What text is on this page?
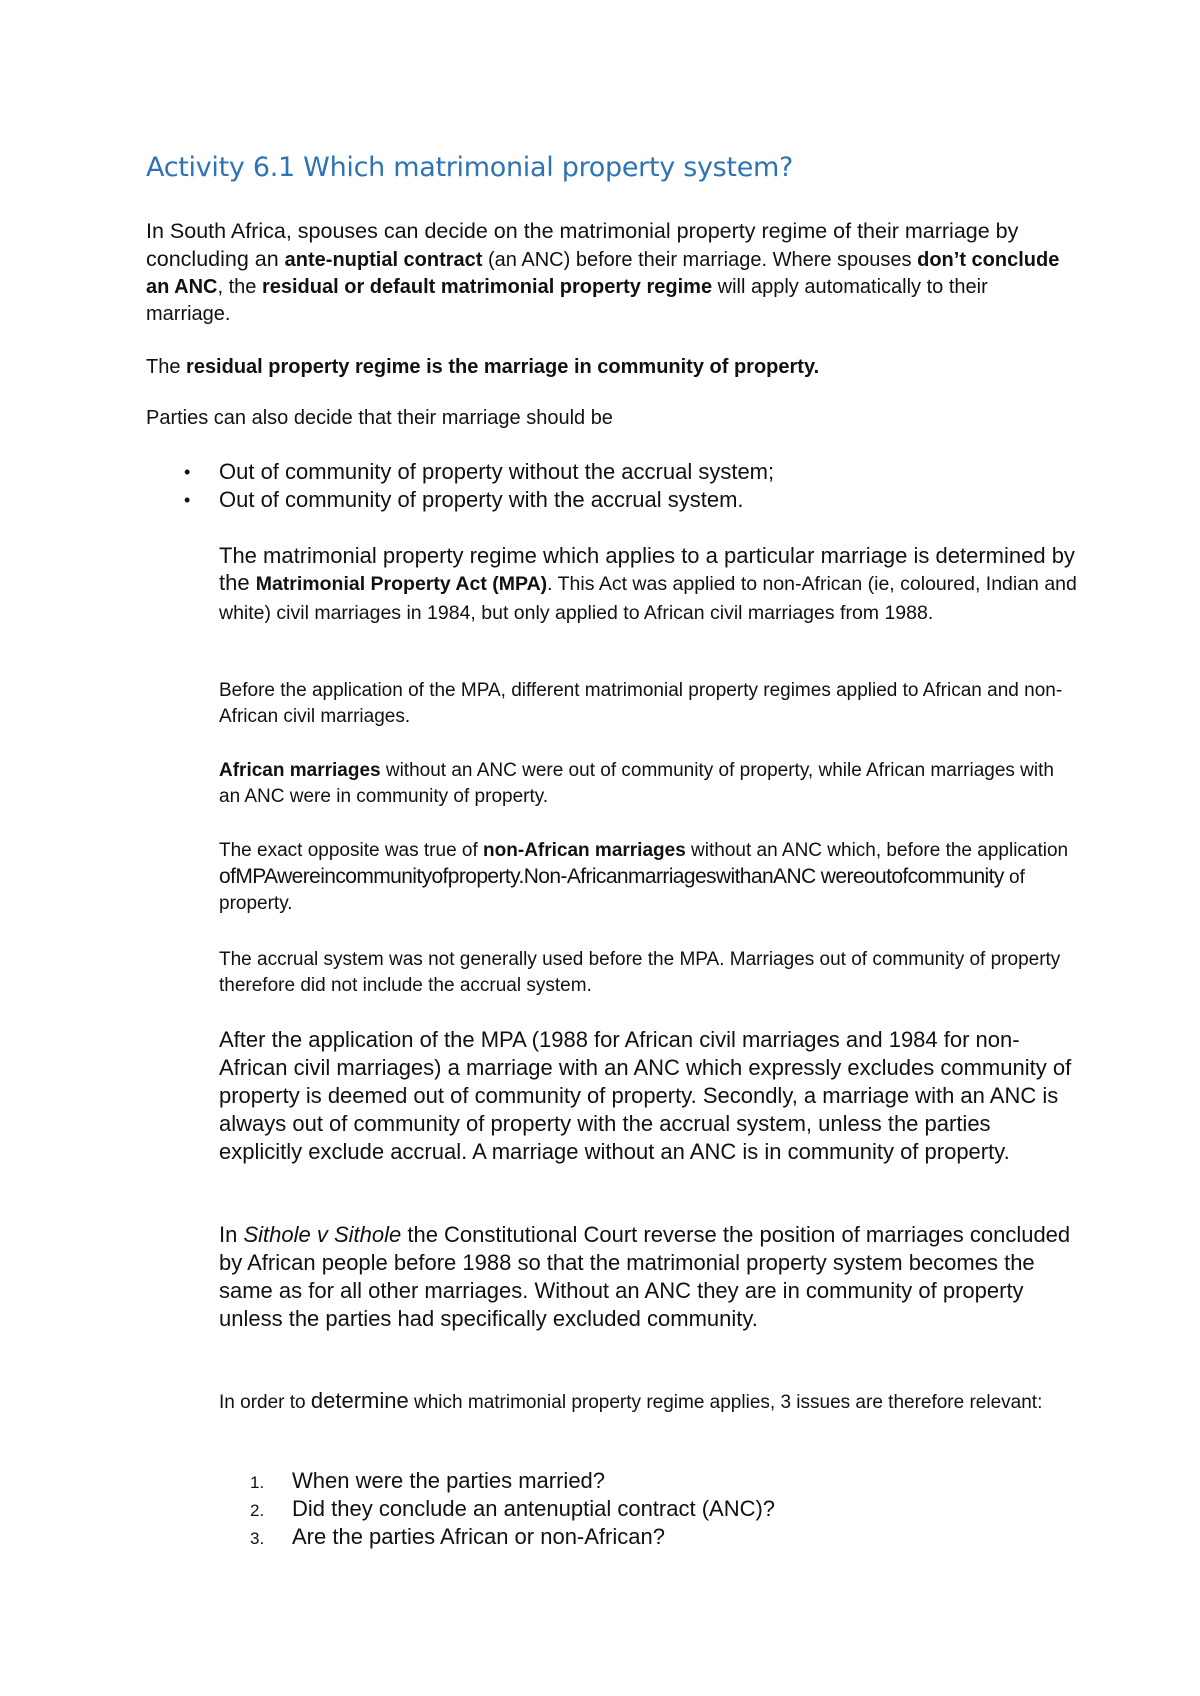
Activity 6.1 Which matrimonial property system?

In South Africa, spouses can decide on the matrimonial property regime of their marriage by concluding an ante-nuptial contract (an ANC) before their marriage. Where spouses don’t conclude an ANC, the residual or default matrimonial property regime will apply automatically to their marriage.

The residual property regime is the marriage in community of property.

Parties can also decide that their marriage should be

• Out of community of property without the accrual system;
• Out of community of property with the accrual system.

The matrimonial property regime which applies to a particular marriage is determined by the Matrimonial Property Act (MPA). This Act was applied to non-African (ie, coloured, Indian and white) civil marriages in 1984, but only applied to African civil marriages from 1988.

Before the application of the MPA, different matrimonial property regimes applied to African and non-African civil marriages.

African marriages without an ANC were out of community of property, while African marriages with an ANC were in community of property.

The exact opposite was true of non-African marriages without an ANC which, before the application ofMPAwereincommunityofproperty.Non-AfricanmarriageswithanANC wereoutofcommunity of property.

The accrual system was not generally used before the MPA. Marriages out of community of property therefore did not include the accrual system.

After the application of the MPA (1988 for African civil marriages and 1984 for non- African civil marriages) a marriage with an ANC which expressly excludes community of property is deemed out of community of property. Secondly, a marriage with an ANC is always out of community of property with the accrual system, unless the parties explicitly exclude accrual. A marriage without an ANC is in community of property.

In Sithole v Sithole the Constitutional Court reverse the position of marriages concluded by African people before 1988 so that the matrimonial property system becomes the same as for all other marriages. Without an ANC they are in community of property unless the parties had specifically excluded community.

In order to determine which matrimonial property regime applies, 3 issues are therefore relevant:

1. When were the parties married?
2. Did they conclude an antenuptial contract (ANC)?
3. Are the parties African or non-African?
